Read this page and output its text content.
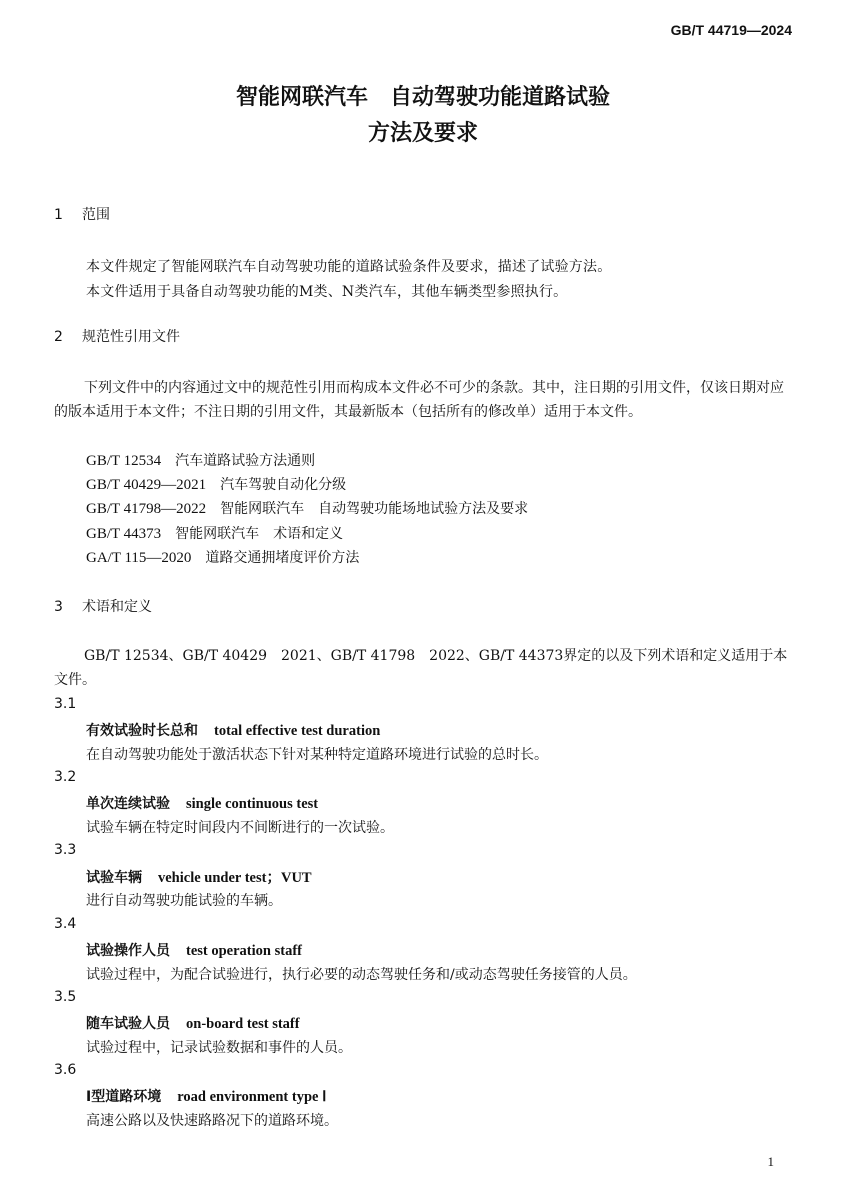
GB/T 44719—2024
智能网联汽车　自动驾驶功能道路试验
方法及要求
1 范围
本文件规定了智能网联汽车自动驾驶功能的道路试验条件及要求，描述了试验方法。
本文件适用于具备自动驾驶功能的M类、N类汽车，其他车辆类型参照执行。
2 规范性引用文件
下列文件中的内容通过文中的规范性引用而构成本文件必不可少的条款。其中，注日期的引用文件，仅该日期对应的版本适用于本文件；不注日期的引用文件，其最新版本（包括所有的修改单）适用于本文件。
GB/T 12534 汽车道路试验方法通则
GB/T 40429—2021 汽车驾驶自动化分级
GB/T 41798—2022 智能网联汽车　自动驾驶功能场地试验方法及要求
GB/T 44373 智能网联汽车　术语和定义
GA/T 115—2020 道路交通拥堵度评价方法
3 术语和定义
GB/T 12534、GB/T 40429　2021、GB/T 41798　2022、GB/T 44373界定的以及下列术语和定义适用于本文件。
3.1
有效试验时长总和 total effective test duration
在自动驾驶功能处于激活状态下针对某种特定道路环境进行试验的总时长。
3.2
单次连续试验 single continuous test
试验车辆在特定时间段内不间断进行的一次试验。
3.3
试验车辆 vehicle under test；VUT
进行自动驾驶功能试验的车辆。
3.4
试验操作人员 test operation staff
试验过程中，为配合试验进行，执行必要的动态驾驶任务和/或动态驾驶任务接管的人员。
3.5
随车试验人员 on-board test staff
试验过程中，记录试验数据和事件的人员。
3.6
Ⅰ型道路环境 road environment type Ⅰ
高速公路以及快速路路况下的道路环境。
1
